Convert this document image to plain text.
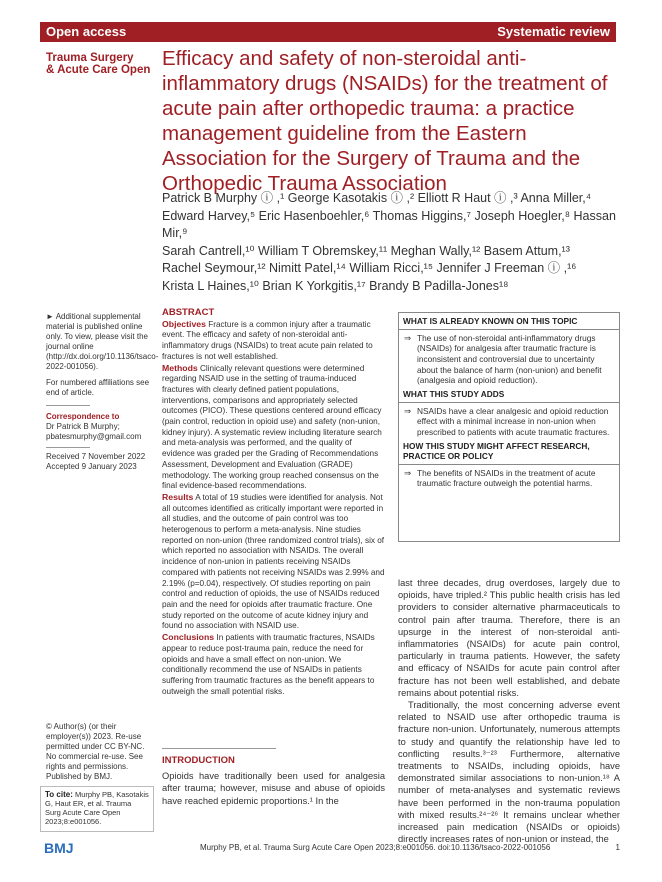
Open access	Systematic review
Trauma Surgery
& Acute Care Open Efficacy and safety of non-steroidal anti-inflammatory drugs (NSAIDs) for the treatment of acute pain after orthopedic trauma: a practice management guideline from the Eastern Association for the Surgery of Trauma and the Orthopedic Trauma Association
Patrick B Murphy ⓘ ,¹ George Kasotakis ⓘ ,² Elliott R Haut ⓘ ,³ Anna Miller,⁴
Edward Harvey,⁵ Eric Hasenboehler,⁶ Thomas Higgins,⁷ Joseph Hoegler,⁸ Hassan Mir,⁹
Sarah Cantrell,¹⁰ William T Obremskey,¹¹ Meghan Wally,¹² Basem Attum,¹³
Rachel Seymour,¹² Nimitt Patel,¹⁴ William Ricci,¹⁵ Jennifer J Freeman ⓘ ,¹⁶
Krista L Haines,¹⁰ Brian K Yorkgitis,¹⁷ Brandy B Padilla-Jones¹⁸
► Additional supplemental material is published online only. To view, please visit the journal online (http://dx.doi.org/10.1136/tsaco-2022-001056).
For numbered affiliations see end of article.
Correspondence to
Dr Patrick B Murphy;
pbatesmurphy@gmail.com
Received 7 November 2022
Accepted 9 January 2023
© Author(s) (or their employer(s)) 2023. Re-use permitted under CC BY-NC. No commercial re-use. See rights and permissions. Published by BMJ.
To cite: Murphy PB, Kasotakis G, Haut ER, et al. Trauma Surg Acute Care Open 2023;8:e001056.
BMJ
ABSTRACT
Objectives Fracture is a common injury after a traumatic event. The efficacy and safety of non-steroidal anti-inflammatory drugs (NSAIDs) to treat acute pain related to fractures is not well established.
Methods Clinically relevant questions were determined regarding NSAID use in the setting of trauma-induced fractures with clearly defined patient populations, interventions, comparisons and appropriately selected outcomes (PICO). These questions centered around efficacy (pain control, reduction in opioid use) and safety (non-union, kidney injury). A systematic review including literature search and meta-analysis was performed, and the quality of evidence was graded per the Grading of Recommendations Assessment, Development and Evaluation (GRADE) methodology. The working group reached consensus on the final evidence-based recommendations.
Results A total of 19 studies were identified for analysis. Not all outcomes identified as critically important were reported in all studies, and the outcome of pain control was too heterogenous to perform a meta-analysis. Nine studies reported on non-union (three randomized control trials), six of which reported no association with NSAIDs. The overall incidence of non-union in patients receiving NSAIDs compared with patients not receiving NSAIDs was 2.99% and 2.19% (p=0.04), respectively. Of studies reporting on pain control and reduction of opioids, the use of NSAIDs reduced pain and the need for opioids after traumatic fracture. One study reported on the outcome of acute kidney injury and found no association with NSAID use.
Conclusions In patients with traumatic fractures, NSAIDs appear to reduce post-trauma pain, reduce the need for opioids and have a small effect on non-union. We conditionally recommend the use of NSAIDs in patients suffering from traumatic fractures as the benefit appears to outweigh the small potential risks.
INTRODUCTION
Opioids have traditionally been used for analgesia after trauma; however, misuse and abuse of opioids have reached epidemic proportions.¹ In the
WHAT IS ALREADY KNOWN ON THIS TOPIC
⇒ The use of non-steroidal anti-inflammatory drugs (NSAIDs) for analgesia after traumatic fracture is inconsistent and controversial due to uncertainty about the balance of harm (non-union) and benefit (analgesia and opioid reduction).
WHAT THIS STUDY ADDS
⇒ NSAIDs have a clear analgesic and opioid reduction effect with a minimal increase in non-union when prescribed to patients with acute traumatic fractures.
HOW THIS STUDY MIGHT AFFECT RESEARCH,
PRACTICE OR POLICY
⇒ The benefits of NSAIDs in the treatment of acute traumatic fracture outweigh the potential harms.

last three decades, drug overdoses, largely due to opioids, have tripled.² This public health crisis has led providers to consider alternative pharmaceuticals to control pain after trauma. Therefore, there is an upsurge in the interest of non-steroidal anti-inflammatories (NSAIDs) for acute pain control, particularly in trauma patients. However, the safety and efficacy of NSAIDs for acute pain control after fracture has not been well established, and debate remains about potential risks.

Traditionally, the most concerning adverse event related to NSAID use after orthopedic trauma is fracture non-union. Unfortunately, numerous attempts to study and quantify the relationship have led to conflicting results.³⁻²³ Furthermore, alternative treatments to NSAIDs, including opioids, have demonstrated similar associations to non-union.¹⁸ A number of meta-analyses and systematic reviews have been performed in the non-trauma population with mixed results.²⁴⁻²⁶ It remains unclear whether increased pain medication (NSAIDs or opioids) directly increases rates of non-union or instead, the

Murphy PB, et al. Trauma Surg Acute Care Open 2023;8:e001056. doi:10.1136/tsaco-2022-001056	1
